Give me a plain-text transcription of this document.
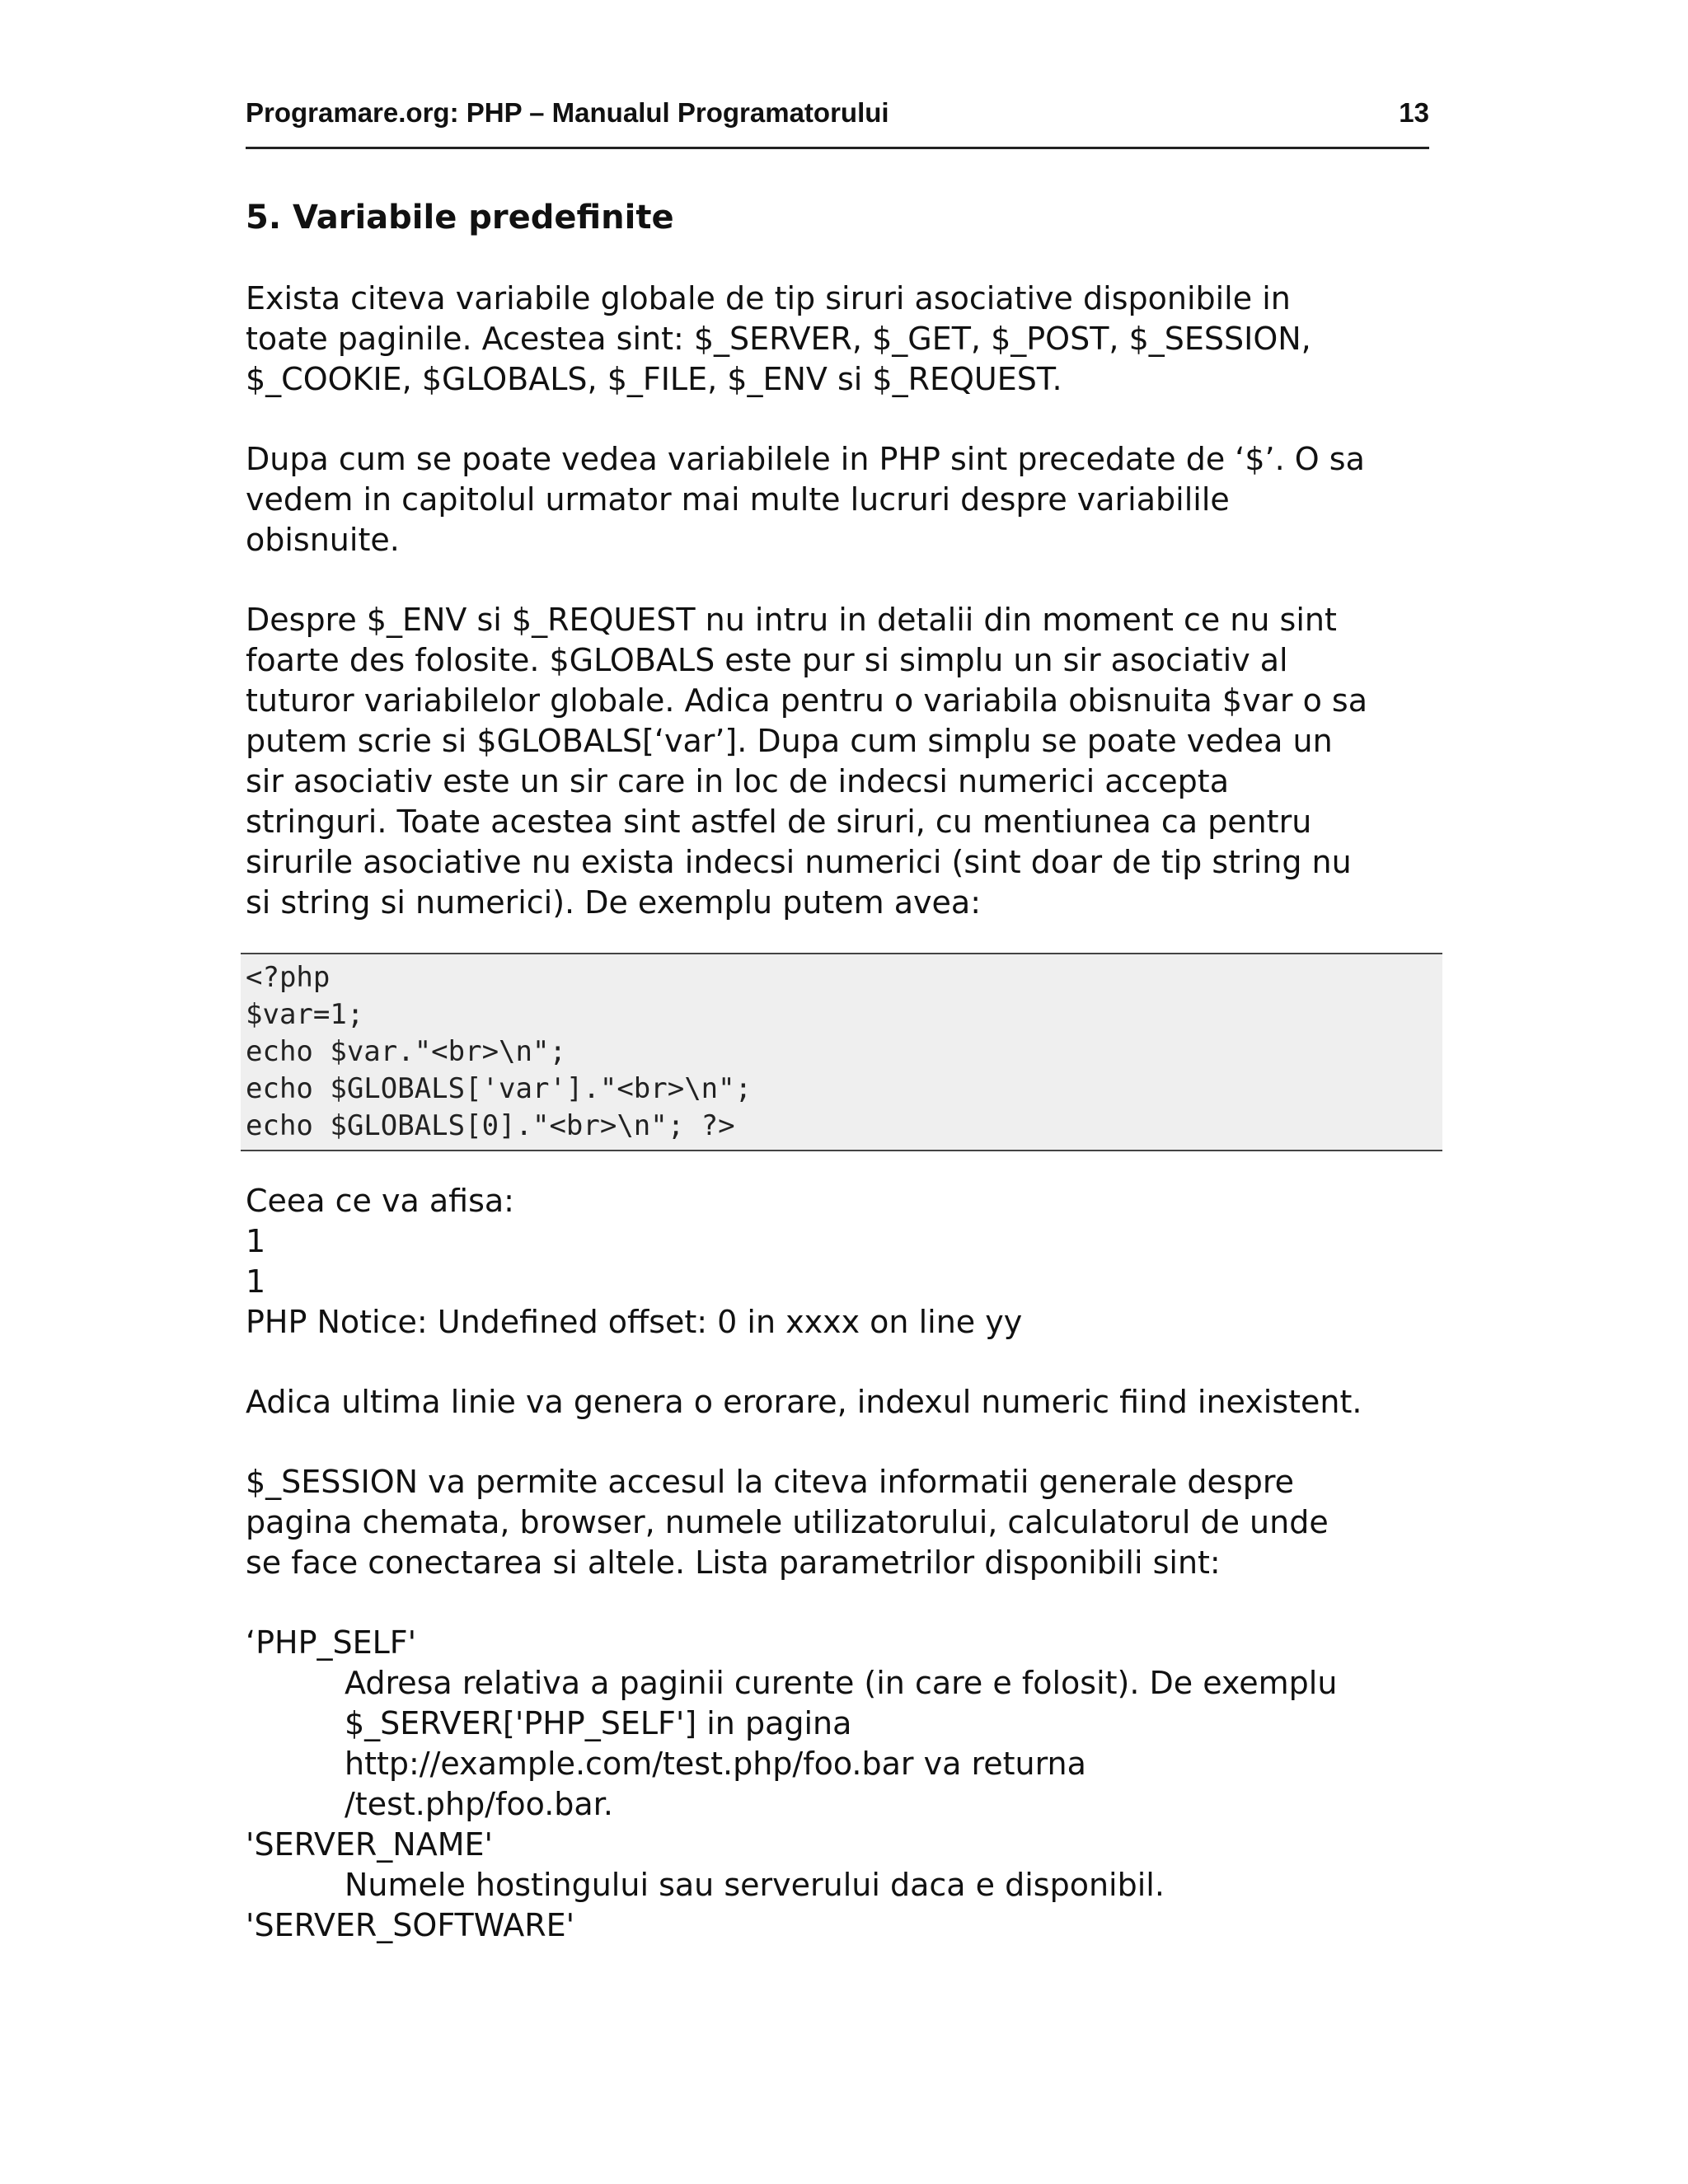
Programare.org: PHP – Manualul Programatorului	13
5. Variabile predefinite

Exista citeva variabile globale de tip siruri asociative disponibile in
toate paginile. Acestea sint: $_SERVER, $_GET, $_POST, $_SESSION,
$_COOKIE, $GLOBALS, $_FILE, $_ENV si $_REQUEST.

Dupa cum se poate vedea variabilele in PHP sint precedate de ‘$’. O sa
vedem in capitolul urmator mai multe lucruri despre variabilile
obisnuite.

Despre $_ENV si $_REQUEST nu intru in detalii din moment ce nu sint
foarte des folosite. $GLOBALS este pur si simplu un sir asociativ al
tuturor variabilelor globale. Adica pentru o variabila obisnuita $var o sa
putem scrie si $GLOBALS[‘var’]. Dupa cum simplu se poate vedea un
sir asociativ este un sir care in loc de indecsi numerici accepta
stringuri. Toate acestea sint astfel de siruri, cu mentiunea ca pentru
sirurile asociative nu exista indecsi numerici (sint doar de tip string nu
si string si numerici). De exemplu putem avea:

<?php
$var=1;
echo $var."<br>\n";
echo $GLOBALS['var']."<br>\n";
echo $GLOBALS[0]."<br>\n"; ?>

Ceea ce va afisa:
1
1
PHP Notice: Undefined offset: 0 in xxxx on line yy

Adica ultima linie va genera o erorare, indexul numeric fiind inexistent.

$_SESSION va permite accesul la citeva informatii generale despre
pagina chemata, browser, numele utilizatorului, calculatorul de unde
se face conectarea si altele. Lista parametrilor disponibili sint:

‘PHP_SELF'

Adresa relativa a paginii curente (in care e folosit). De exemplu
$_SERVER['PHP_SELF'] in pagina
http://example.com/test.php/foo.bar va returna
/test.php/foo.bar.

'SERVER_NAME'

Numele hostingului sau serverului daca e disponibil.

'SERVER_SOFTWARE'
